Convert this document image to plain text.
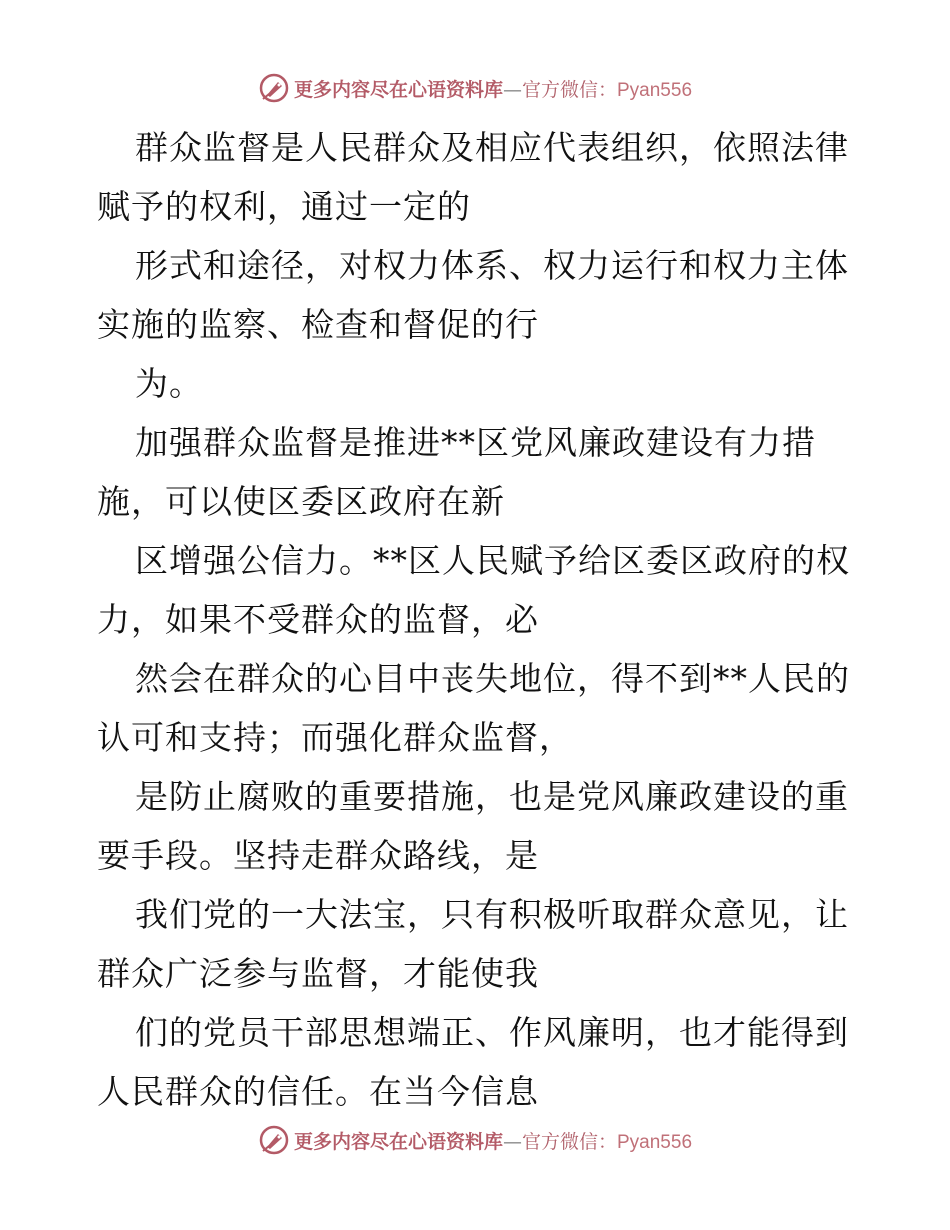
更多内容尽在心语资料库—官方微信：Pyan556
群众监督是人民群众及相应代表组织，依照法律
赋予的权利，通过一定的
形式和途径，对权力体系、权力运行和权力主体
实施的监察、检查和督促的行
为。
加强群众监督是推进**区党风廉政建设有力措
施，可以使区委区政府在新
区增强公信力。**区人民赋予给区委区政府的权
力，如果不受群众的监督，必
然会在群众的心目中丧失地位，得不到**人民的
认可和支持；而强化群众监督，
是防止腐败的重要措施，也是党风廉政建设的重
要手段。坚持走群众路线，是
我们党的一大法宝，只有积极听取群众意见，让
群众广泛参与监督，才能使我
们的党员干部思想端正、作风廉明，也才能得到
人民群众的信任。在当今信息
更多内容尽在心语资料库—官方微信：Pyan556
